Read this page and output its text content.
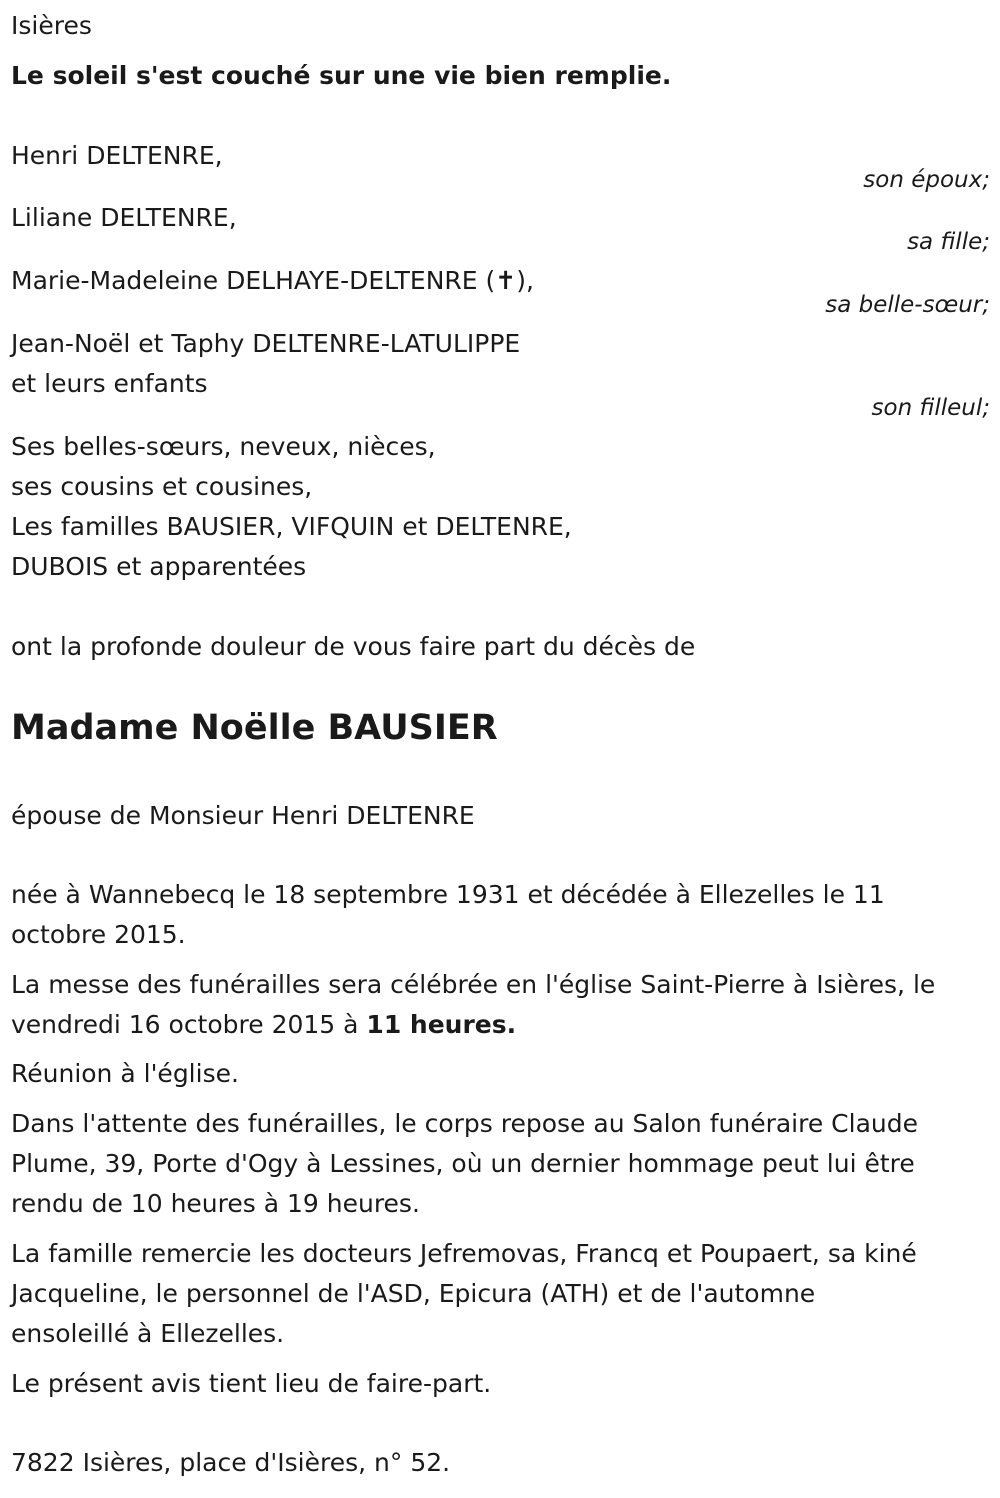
Isières
Le soleil s'est couché sur une vie bien remplie.
Henri DELTENRE,
son époux;
Liliane DELTENRE,
sa fille;
Marie-Madeleine DELHAYE-DELTENRE (✝),
sa belle-sœur;
Jean-Noël et Taphy DELTENRE-LATULIPPE
et leurs enfants
son filleul;
Ses belles-sœurs, neveux, nièces,
ses cousins et cousines,
Les familles BAUSIER, VIFQUIN et DELTENRE,
DUBOIS et apparentées
ont la profonde douleur de vous faire part du décès de
Madame Noëlle BAUSIER
épouse de Monsieur Henri DELTENRE
née à Wannebecq le 18 septembre 1931 et décédée à Ellezelles le 11
octobre 2015.
La messe des funérailles sera célébrée en l'église Saint-Pierre à Isières, le
vendredi 16 octobre 2015 à 11 heures.
Réunion à l'église.
Dans l'attente des funérailles, le corps repose au Salon funéraire Claude
Plume, 39, Porte d'Ogy à Lessines, où un dernier hommage peut lui être
rendu de 10 heures à 19 heures.
La famille remercie les docteurs Jefremovas, Francq et Poupaert, sa kiné
Jacqueline, le personnel de l'ASD, Epicura (ATH) et de l'automne
ensoleillé à Ellezelles.
Le présent avis tient lieu de faire-part.
7822 Isières, place d'Isières, n° 52.
